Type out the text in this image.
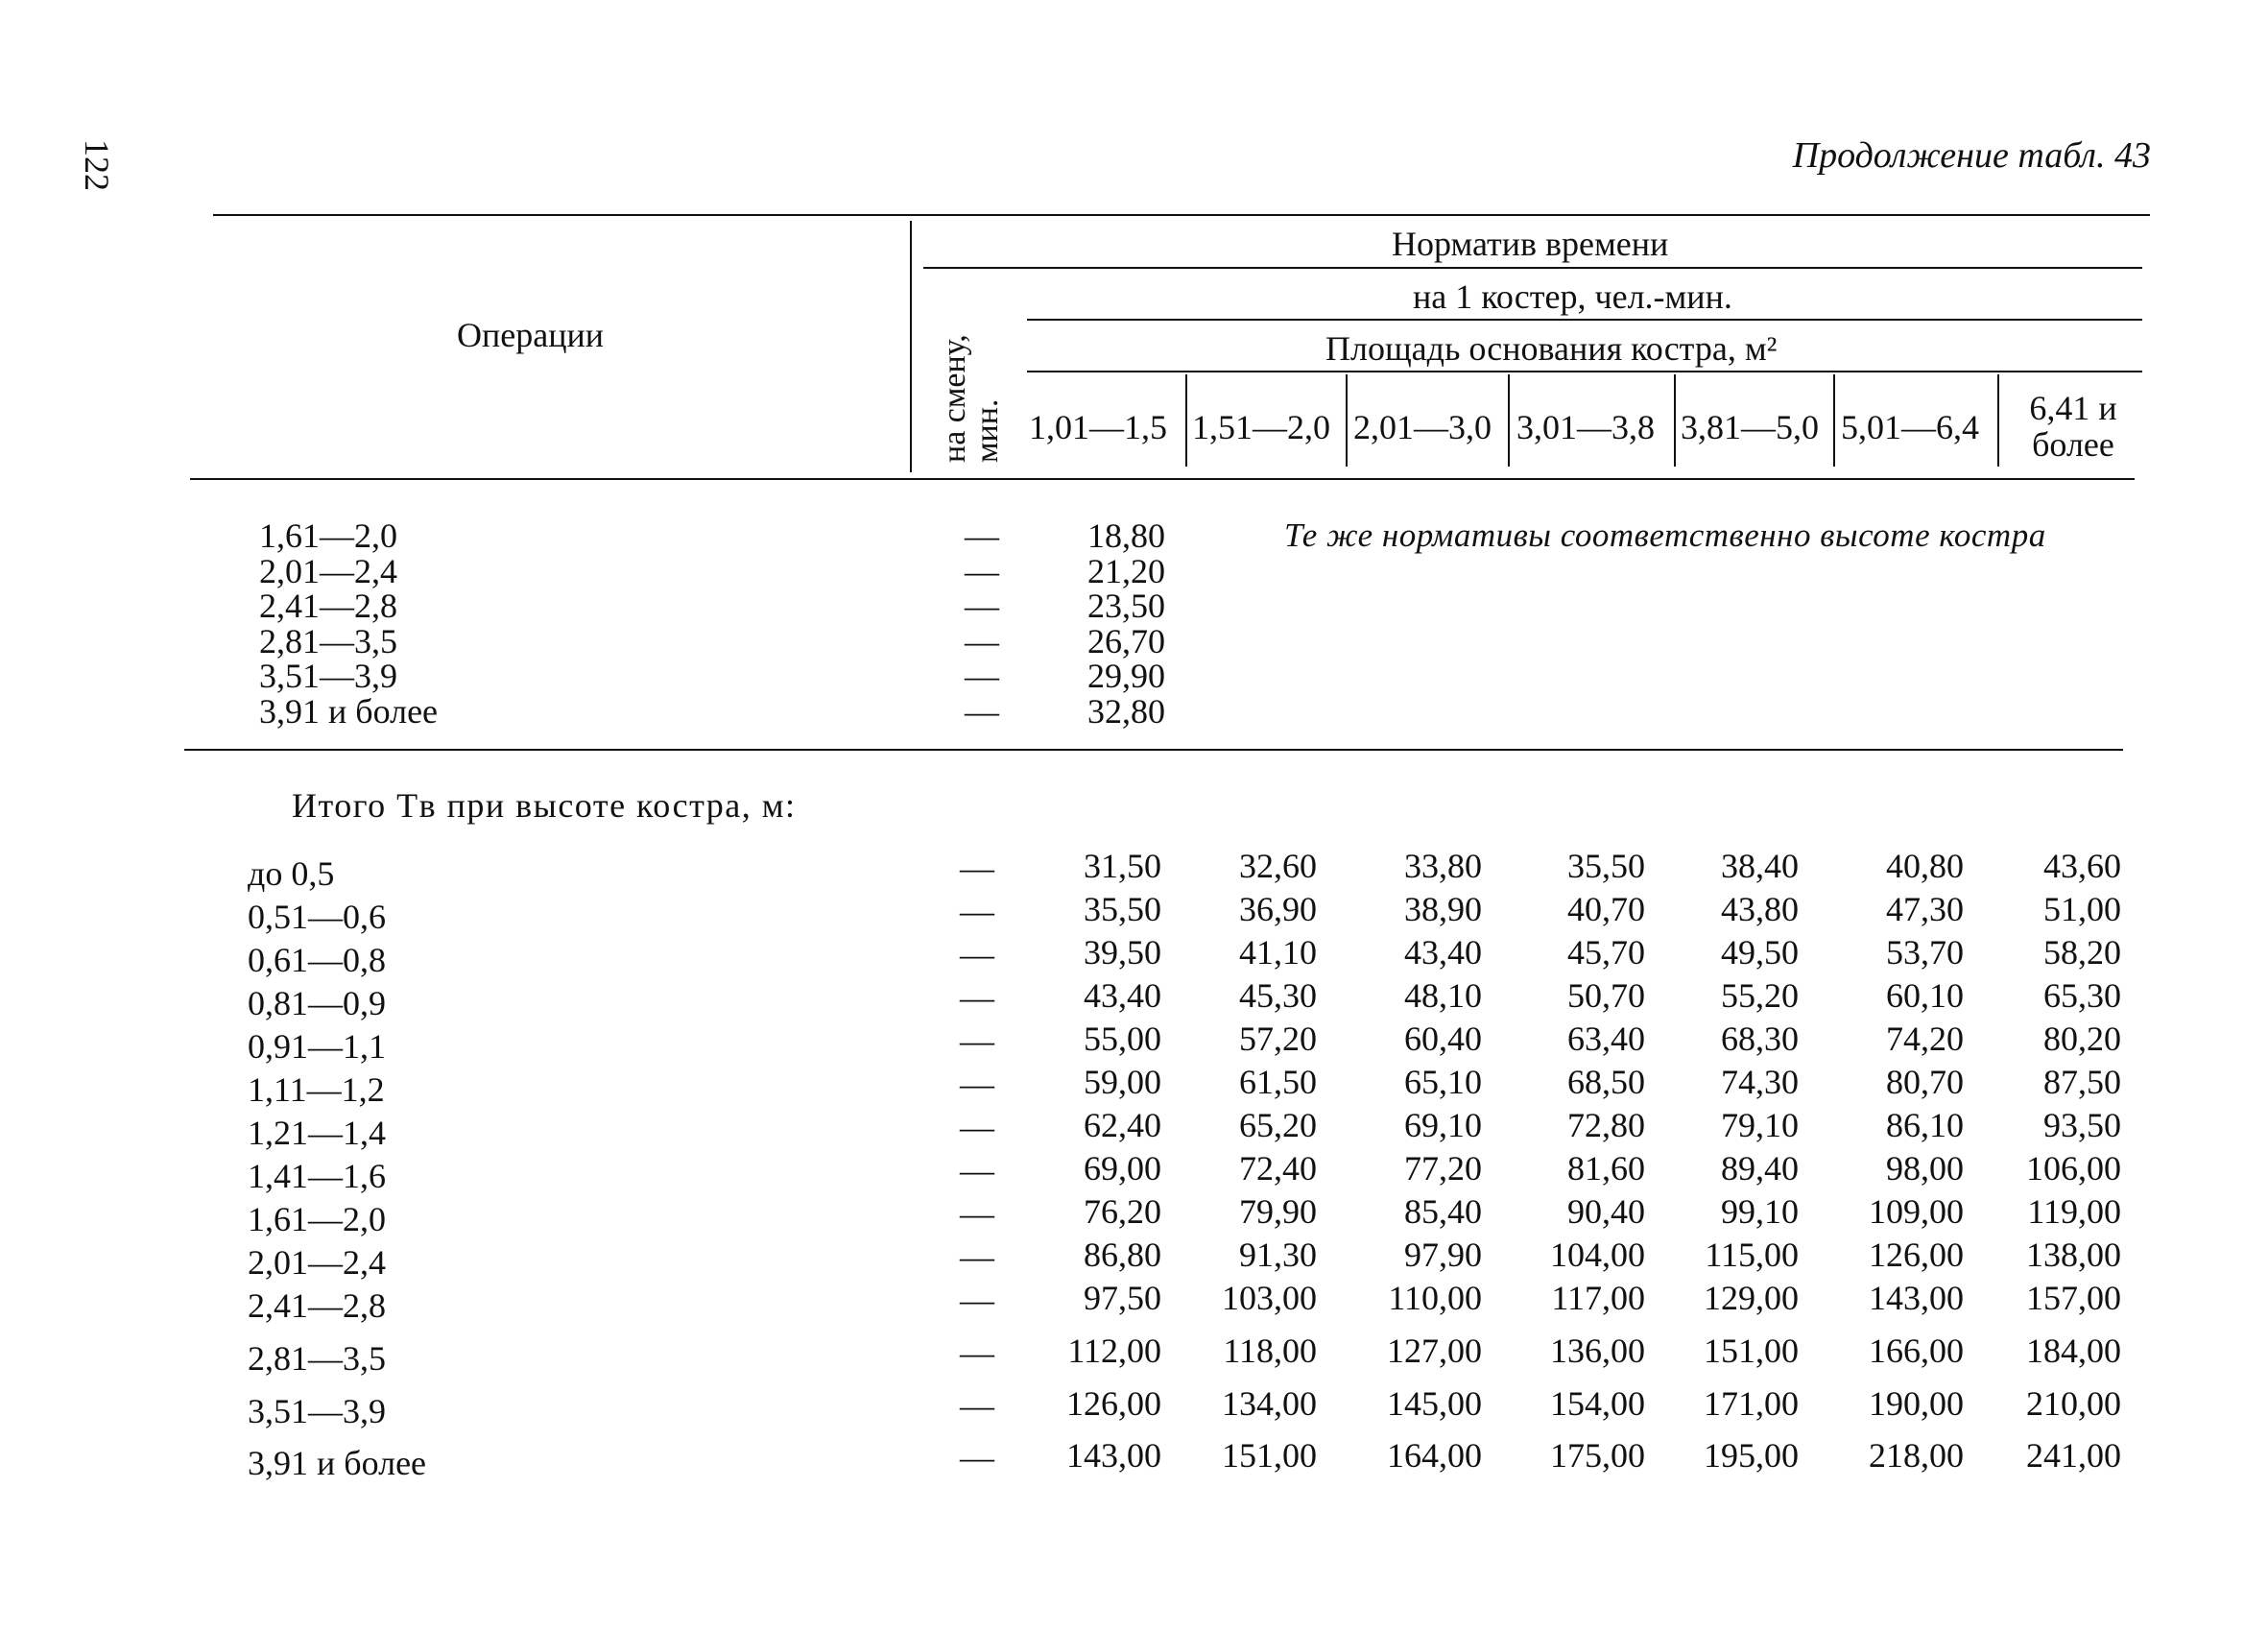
122	Продолжение табл. 43
Операции
Норматив времени
на смену,
мин.
на 1 костер, чел.-мин.
Площадь основания костра, м²
1,01—1,5 1,51—2,0 2,01—3,0 3,01—3,8 3,81—5,0 5,01—6,4	6,41 и
более
1,61—2,0	—	18,80
2,01—2,4	—	21,20
2,41—2,8	—	23,50
2,81—3,5	—	26,70
3,51—3,9	—	29,90
3,91 и более	—	32,80
Те же нормативы соответственно высоте костра
Итого Tв при высоте костра, м:
до 0,5	—	31,50	32,60	33,80	35,50	38,40	40,80	43,60
0,51—0,6	—	35,50	36,90	38,90	40,70	43,80	47,30	51,00
0,61—0,8	—	39,50	41,10	43,40	45,70	49,50	53,70	58,20
0,81—0,9	—	43,40	45,30	48,10	50,70	55,20	60,10	65,30
0,91—1,1	—	55,00	57,20	60,40	63,40	68,30	74,20	80,20
1,11—1,2	—	59,00	61,50	65,10	68,50	74,30	80,70	87,50
1,21—1,4	—	62,40	65,20	69,10	72,80	79,10	86,10	93,50
1,41—1,6	—	69,00	72,40	77,20	81,60	89,40	98,00	106,00
1,61—2,0	—	76,20	79,90	85,40	90,40	99,10	109,00	119,00
2,01—2,4	—	86,80	91,30	97,90	104,00	115,00	126,00	138,00
2,41—2,8	—	97,50	103,00	110,00	117,00	129,00	143,00	157,00
2,81—3,5	—	112,00	118,00	127,00	136,00	151,00	166,00	184,00
3,51—3,9	—	126,00	134,00	145,00	154,00	171,00	190,00	210,00
3,91 и более	—	143,00	151,00	164,00	175,00	195,00	218,00	241,00
